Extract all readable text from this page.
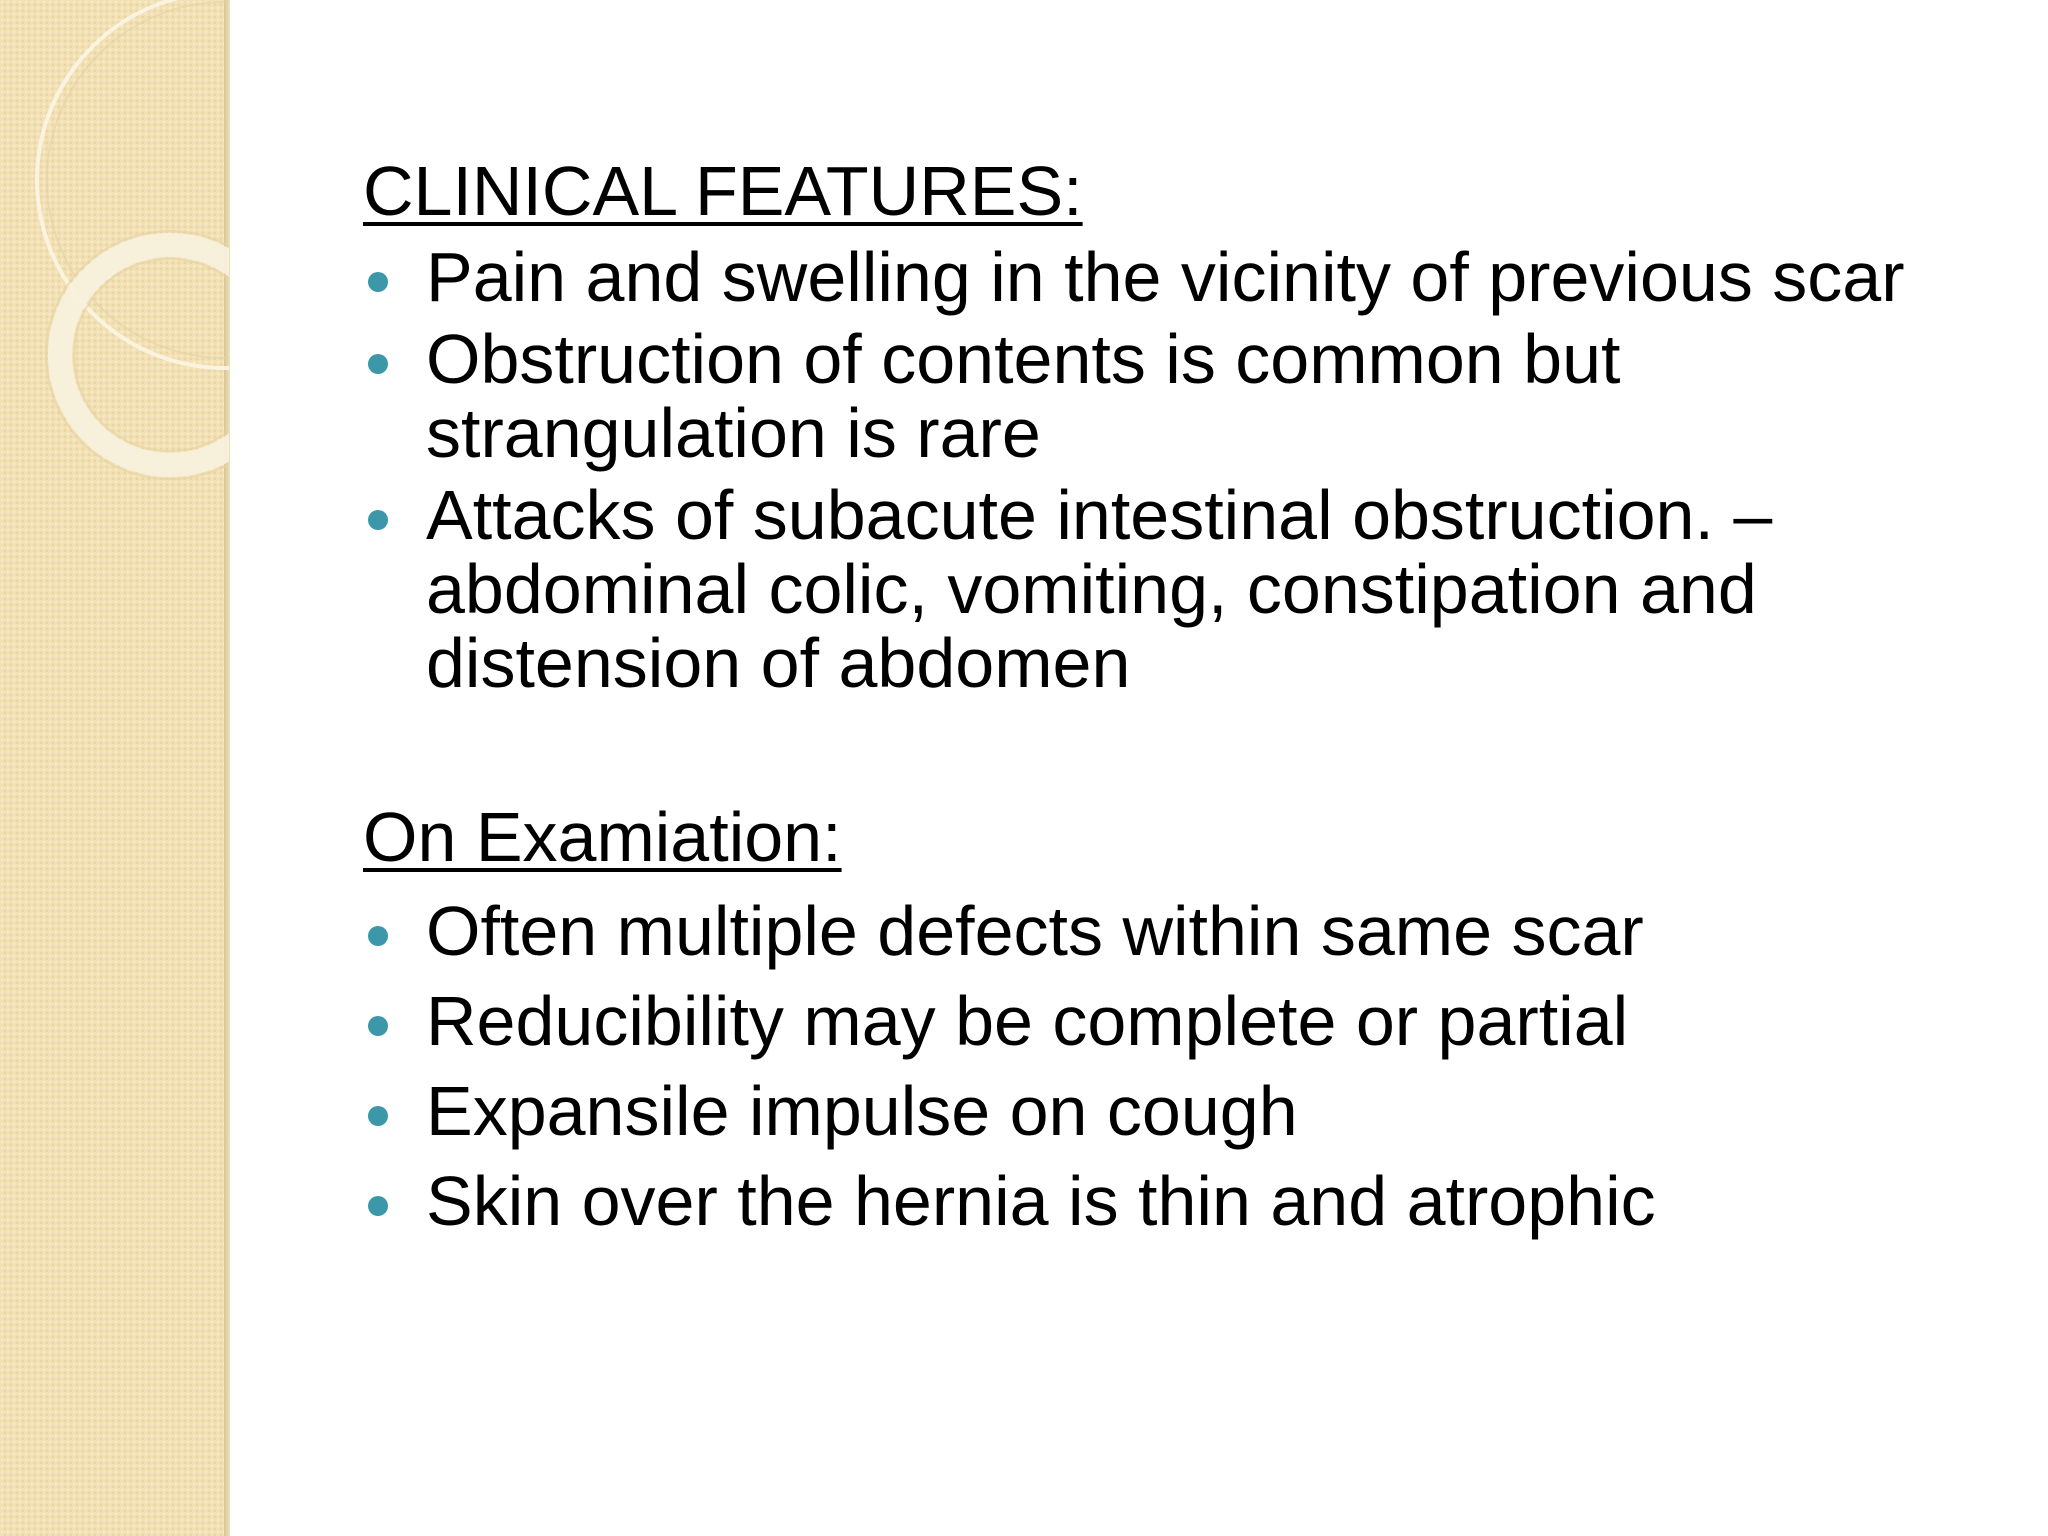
CLINICAL FEATURES:
Pain and swelling in the vicinity of previous scar
Obstruction of contents is common but strangulation is rare
Attacks of subacute intestinal obstruction. – abdominal colic, vomiting, constipation and distension of abdomen
On Examiation:
Often multiple defects within same scar
Reducibility may be complete or partial
Expansile impulse on cough
Skin over the hernia is thin and atrophic
